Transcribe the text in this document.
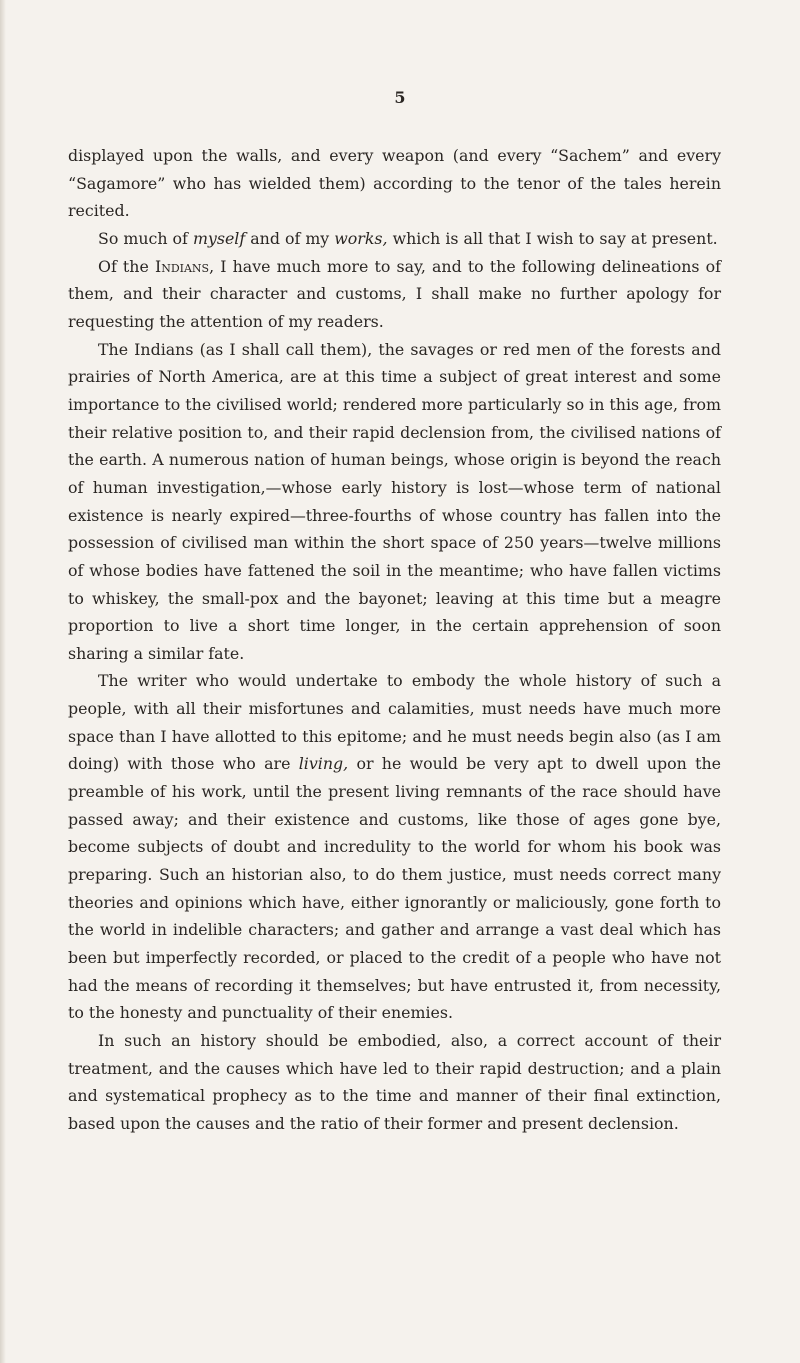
5

displayed upon the walls, and every weapon (and every “Sachem” and every “Sagamore” who has wielded them) according to the tenor of the tales herein recited.

So much of myself and of my works, which is all that I wish to say at present.

Of the Indians, I have much more to say, and to the following delineations of them, and their character and customs, I shall make no further apology for requesting the attention of my readers.

The Indians (as I shall call them), the savages or red men of the forests and prairies of North America, are at this time a subject of great interest and some importance to the civilised world; rendered more particularly so in this age, from their relative position to, and their rapid declension from, the civilised nations of the earth. A numerous nation of human beings, whose origin is beyond the reach of human investigation,—whose early history is lost—whose term of national existence is nearly expired—three-fourths of whose country has fallen into the possession of civilised man within the short space of 250 years—twelve millions of whose bodies have fattened the soil in the meantime; who have fallen victims to whiskey, the small-pox and the bayonet; leaving at this time but a meagre proportion to live a short time longer, in the certain apprehension of soon sharing a similar fate.

The writer who would undertake to embody the whole history of such a people, with all their misfortunes and calamities, must needs have much more space than I have allotted to this epitome; and he must needs begin also (as I am doing) with those who are living, or he would be very apt to dwell upon the preamble of his work, until the present living remnants of the race should have passed away; and their existence and customs, like those of ages gone bye, become subjects of doubt and incredulity to the world for whom his book was preparing. Such an historian also, to do them justice, must needs correct many theories and opinions which have, either ignorantly or maliciously, gone forth to the world in indelible characters; and gather and arrange a vast deal which has been but imperfectly recorded, or placed to the credit of a people who have not had the means of recording it themselves; but have entrusted it, from necessity, to the honesty and punctuality of their enemies.

In such an history should be embodied, also, a correct account of their treatment, and the causes which have led to their rapid destruction; and a plain and systematical prophecy as to the time and manner of their final extinction, based upon the causes and the ratio of their former and present declension.
